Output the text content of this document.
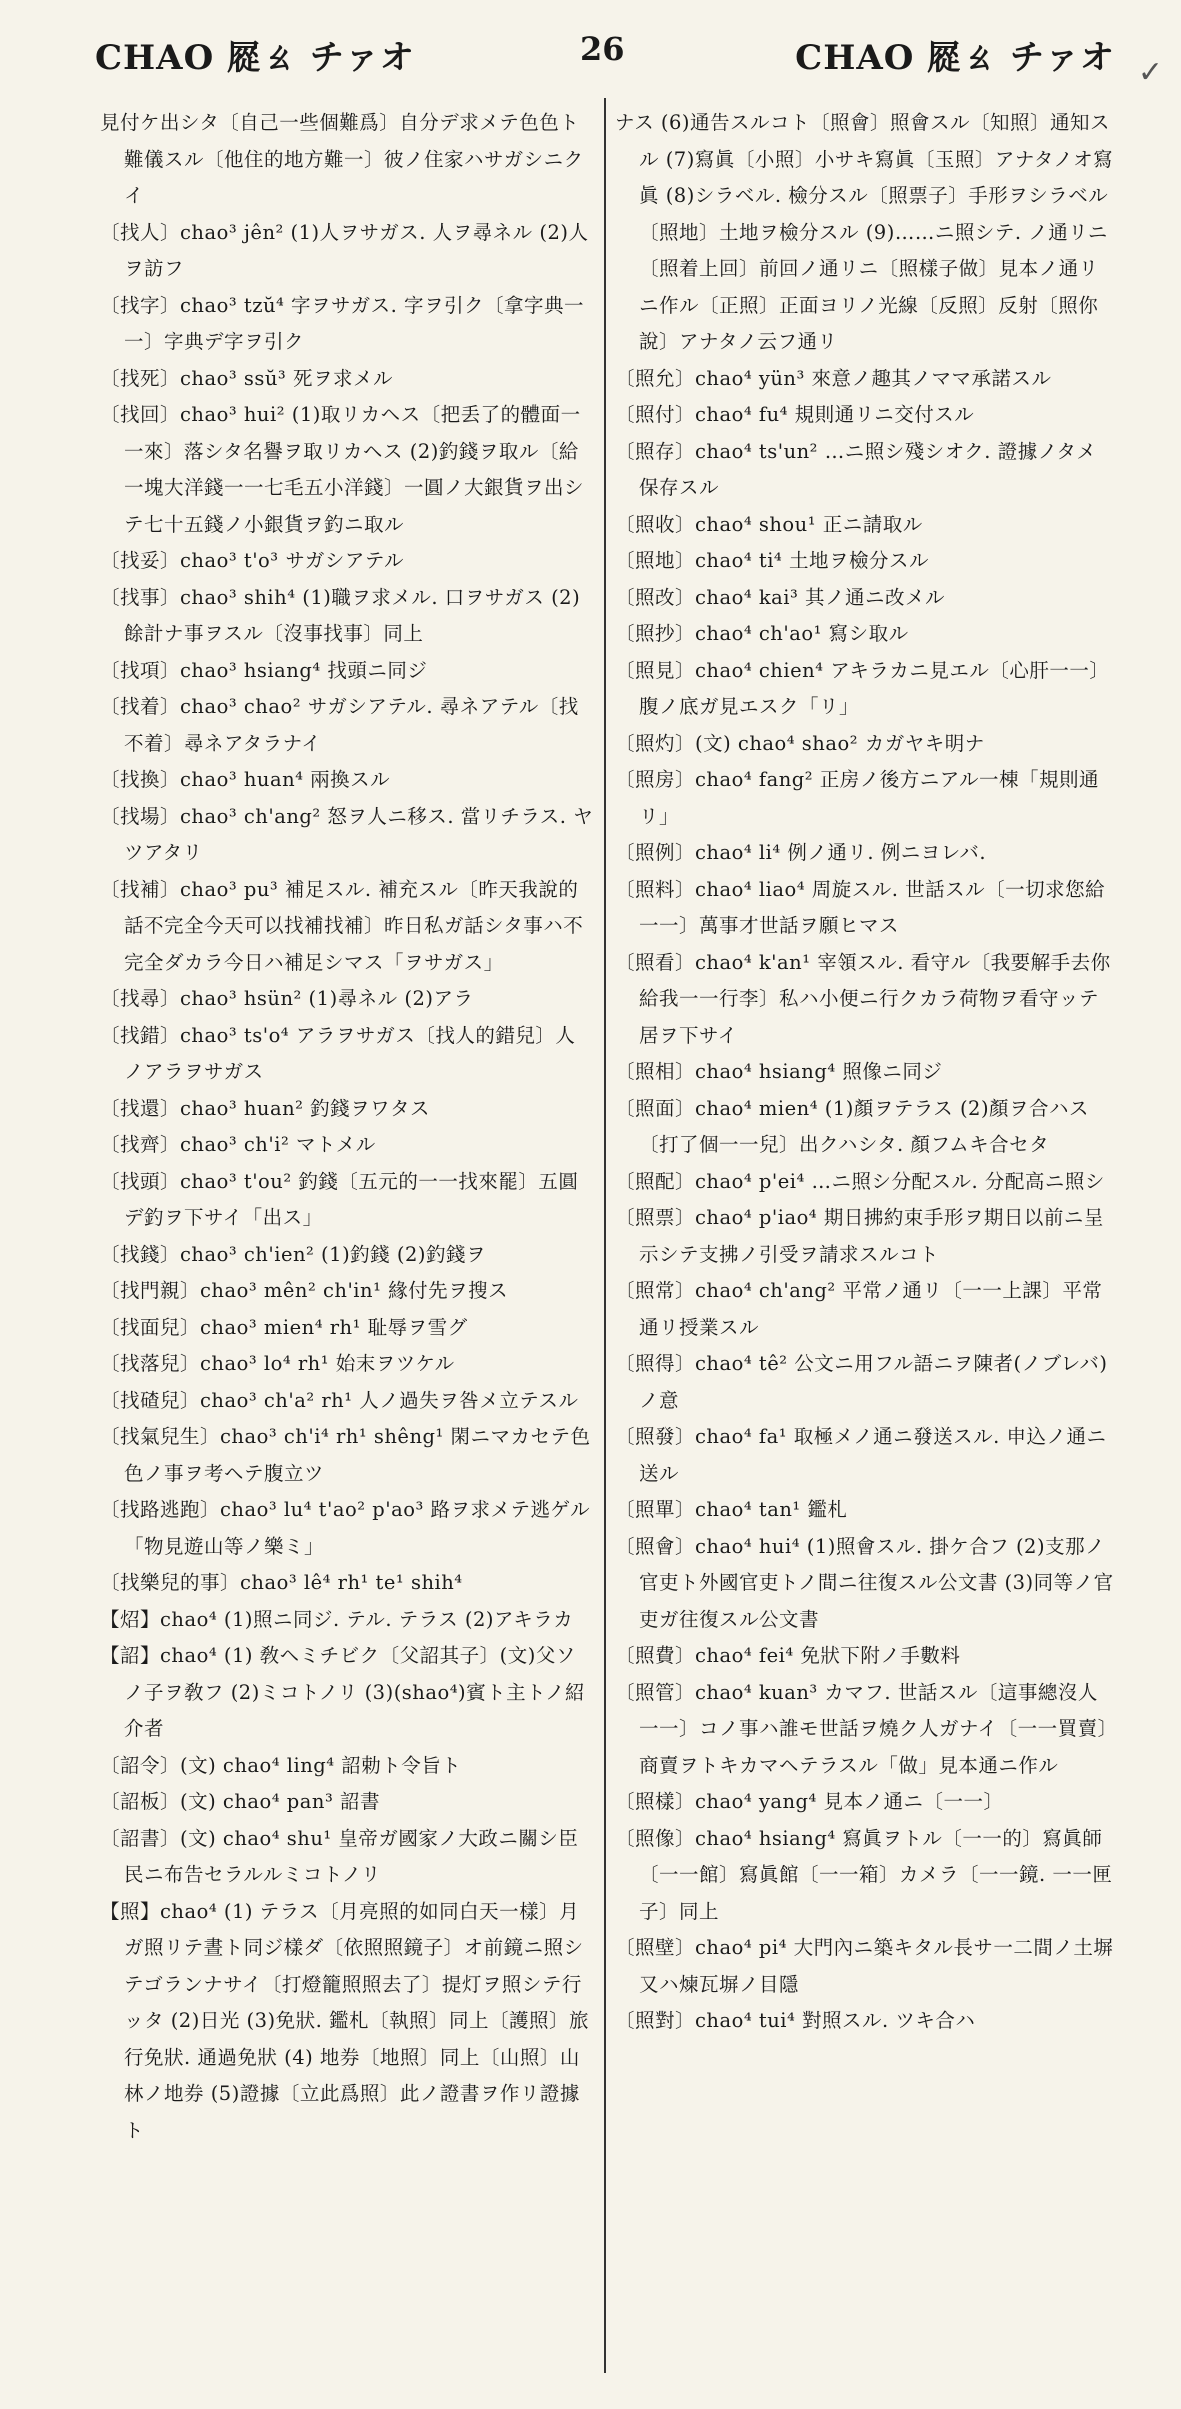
CHAO 㞞ㄠ チァオ	26	CHAO 㞞ㄠ チァオ ✓

見付ケ出シタ〔自己一些個難爲〕自分デ求メテ色色ト難儀スル〔他住的地方難一〕彼ノ住家ハサガシニクイ

〔找人〕chao³ jên² (1)人ヲサガス. 人ヲ尋ネル (2)人ヲ訪フ

〔找字〕chao³ tzŭ⁴ 字ヲサガス. 字ヲ引ク〔拿字典一一〕字典デ字ヲ引ク

〔找死〕chao³ ssŭ³ 死ヲ求メル

〔找回〕chao³ hui² (1)取リカヘス〔把丢了的體面一一來〕落シタ名譽ヲ取リカヘス (2)釣錢ヲ取ル〔給一塊大洋錢一一七毛五小洋錢〕一圓ノ大銀貨ヲ出シテ七十五錢ノ小銀貨ヲ釣ニ取ル

〔找妥〕chao³ t'o³ サガシアテル

〔找事〕chao³ shih⁴ (1)職ヲ求メル. 口ヲサガス (2) 餘計ナ事ヲスル〔沒事找事〕同上

〔找項〕chao³ hsiang⁴ 找頭ニ同ジ

〔找着〕chao³ chao² サガシアテル. 尋ネアテル〔找不着〕尋ネアタラナイ

〔找換〕chao³ huan⁴ 兩換スル

〔找場〕chao³ ch'ang² 怒ヲ人ニ移ス. 當リチラス. ヤツアタリ

〔找補〕chao³ pu³ 補足スル. 補充スル〔昨天我說的話不完全今天可以找補找補〕昨日私ガ話シタ事ハ不完全ダカラ今日ハ補足シマス「ヲサガス」

〔找尋〕chao³ hsün² (1)尋ネル (2)アラ

〔找錯〕chao³ ts'o⁴ アラヲサガス〔找人的錯兒〕人ノアラヲサガス

〔找還〕chao³ huan² 釣錢ヲワタス

〔找齊〕chao³ ch'i² マトメル

〔找頭〕chao³ t'ou² 釣錢〔五元的一一找來罷〕五圓デ釣ヲ下サイ「出ス」

〔找錢〕chao³ ch'ien² (1)釣錢 (2)釣錢ヲ

〔找門親〕chao³ mên² ch'in¹ 緣付先ヲ搜ス

〔找面兒〕chao³ mien⁴ rh¹ 耻辱ヲ雪グ

〔找落兒〕chao³ lo⁴ rh¹ 始末ヲツケル

〔找碴兒〕chao³ ch'a² rh¹ 人ノ過失ヲ咎メ立テスル

〔找氣兒生〕chao³ ch'i⁴ rh¹ shêng¹ 閑ニマカセテ色色ノ事ヲ考ヘテ腹立ツ

〔找路逃跑〕chao³ lu⁴ t'ao² p'ao³ 路ヲ求メテ逃ゲル「物見遊山等ノ樂ミ」

〔找樂兒的事〕chao³ lê⁴ rh¹ te¹ shih⁴

【炤】chao⁴ (1)照ニ同ジ. テル. テラス (2)アキラカ

【詔】chao⁴ (1) 敎ヘミチビク〔父詔其子〕(文)父ソノ子ヲ敎フ (2)ミコトノリ (3)(shao⁴)賓ト主トノ紹介者

〔詔令〕(文) chao⁴ ling⁴ 詔勅ト令旨ト

〔詔板〕(文) chao⁴ pan³ 詔書

〔詔書〕(文) chao⁴ shu¹ 皇帝ガ國家ノ大政ニ關シ臣民ニ布告セラルルミコトノリ

【照】chao⁴ (1) テラス〔月亮照的如同白天一樣〕月ガ照リテ晝ト同ジ樣ダ〔依照照鏡子〕オ前鏡ニ照シテゴランナサイ〔打燈籠照照去了〕提灯ヲ照シテ行ッタ (2)日光 (3)免狀. 鑑札〔執照〕同上〔護照〕旅行免狀. 通過免狀 (4) 地券〔地照〕同上〔山照〕山林ノ地券 (5)證據〔立此爲照〕此ノ證書ヲ作リ證據ト

ナス (6)通告スルコト〔照會〕照會スル〔知照〕通知スル (7)寫眞〔小照〕小サキ寫眞〔玉照〕アナタノオ寫眞 (8)シラベル. 檢分スル〔照票子〕手形ヲシラベル〔照地〕土地ヲ檢分スル (9)……ニ照シテ. ノ通リニ〔照着上回〕前回ノ通リニ〔照樣子做〕見本ノ通リニ作ル〔正照〕正面ヨリノ光線〔反照〕反射〔照你說〕アナタノ云フ通リ

〔照允〕chao⁴ yün³ 來意ノ趣其ノママ承諾スル

〔照付〕chao⁴ fu⁴ 規則通リニ交付スル

〔照存〕chao⁴ ts'un² …ニ照シ殘シオク. 證據ノタメ保存スル

〔照收〕chao⁴ shou¹ 正ニ請取ル

〔照地〕chao⁴ ti⁴ 土地ヲ檢分スル

〔照改〕chao⁴ kai³ 其ノ通ニ改メル

〔照抄〕chao⁴ ch'ao¹ 寫シ取ル

〔照見〕chao⁴ chien⁴ アキラカニ見エル〔心肝一一〕腹ノ底ガ見エスク「リ」

〔照灼〕(文) chao⁴ shao² カガヤキ明ナ

〔照房〕chao⁴ fang² 正房ノ後方ニアル一棟「規則通リ」

〔照例〕chao⁴ li⁴ 例ノ通リ. 例ニヨレバ.

〔照料〕chao⁴ liao⁴ 周旋スル. 世話スル〔一切求您給一一〕萬事才世話ヲ願ヒマス

〔照看〕chao⁴ k'an¹ 宰領スル. 看守ル〔我要解手去你給我一一行李〕私ハ小便ニ行クカラ荷物ヲ看守ッテ居ヲ下サイ

〔照相〕chao⁴ hsiang⁴ 照像ニ同ジ

〔照面〕chao⁴ mien⁴ (1)顏ヲテラス (2)顏ヲ合ハス〔打了個一一兒〕出クハシタ. 顏フムキ合セタ

〔照配〕chao⁴ p'ei⁴ …ニ照シ分配スル. 分配高ニ照シ

〔照票〕chao⁴ p'iao⁴ 期日拂約束手形ヲ期日以前ニ呈示シテ支拂ノ引受ヲ請求スルコト

〔照常〕chao⁴ ch'ang² 平常ノ通リ〔一一上課〕平常通リ授業スル

〔照得〕chao⁴ tê² 公文ニ用フル語ニヲ陳者(ノブレバ)ノ意

〔照發〕chao⁴ fa¹ 取極メノ通ニ發送スル. 申込ノ通ニ送ル

〔照單〕chao⁴ tan¹ 鑑札

〔照會〕chao⁴ hui⁴ (1)照會スル. 掛ケ合フ (2)支那ノ官吏ト外國官吏トノ間ニ往復スル公文書 (3)同等ノ官吏ガ往復スル公文書

〔照費〕chao⁴ fei⁴ 免狀下附ノ手數料

〔照管〕chao⁴ kuan³ カマフ. 世話スル〔這事總沒人一一〕コノ事ハ誰モ世話ヲ燒ク人ガナイ〔一一買賣〕商賣ヲトキカマヘテラスル「做」見本通ニ作ル

〔照樣〕chao⁴ yang⁴ 見本ノ通ニ〔一一〕

〔照像〕chao⁴ hsiang⁴ 寫眞ヲトル〔一一的〕寫眞師〔一一館〕寫眞館〔一一箱〕カメラ〔一一鏡. 一一匣子〕同上

〔照壁〕chao⁴ pi⁴ 大門內ニ築キタル長サ一二間ノ土塀又ハ煉瓦塀ノ目隱

〔照對〕chao⁴ tui⁴ 對照スル. ツキ合ハ
